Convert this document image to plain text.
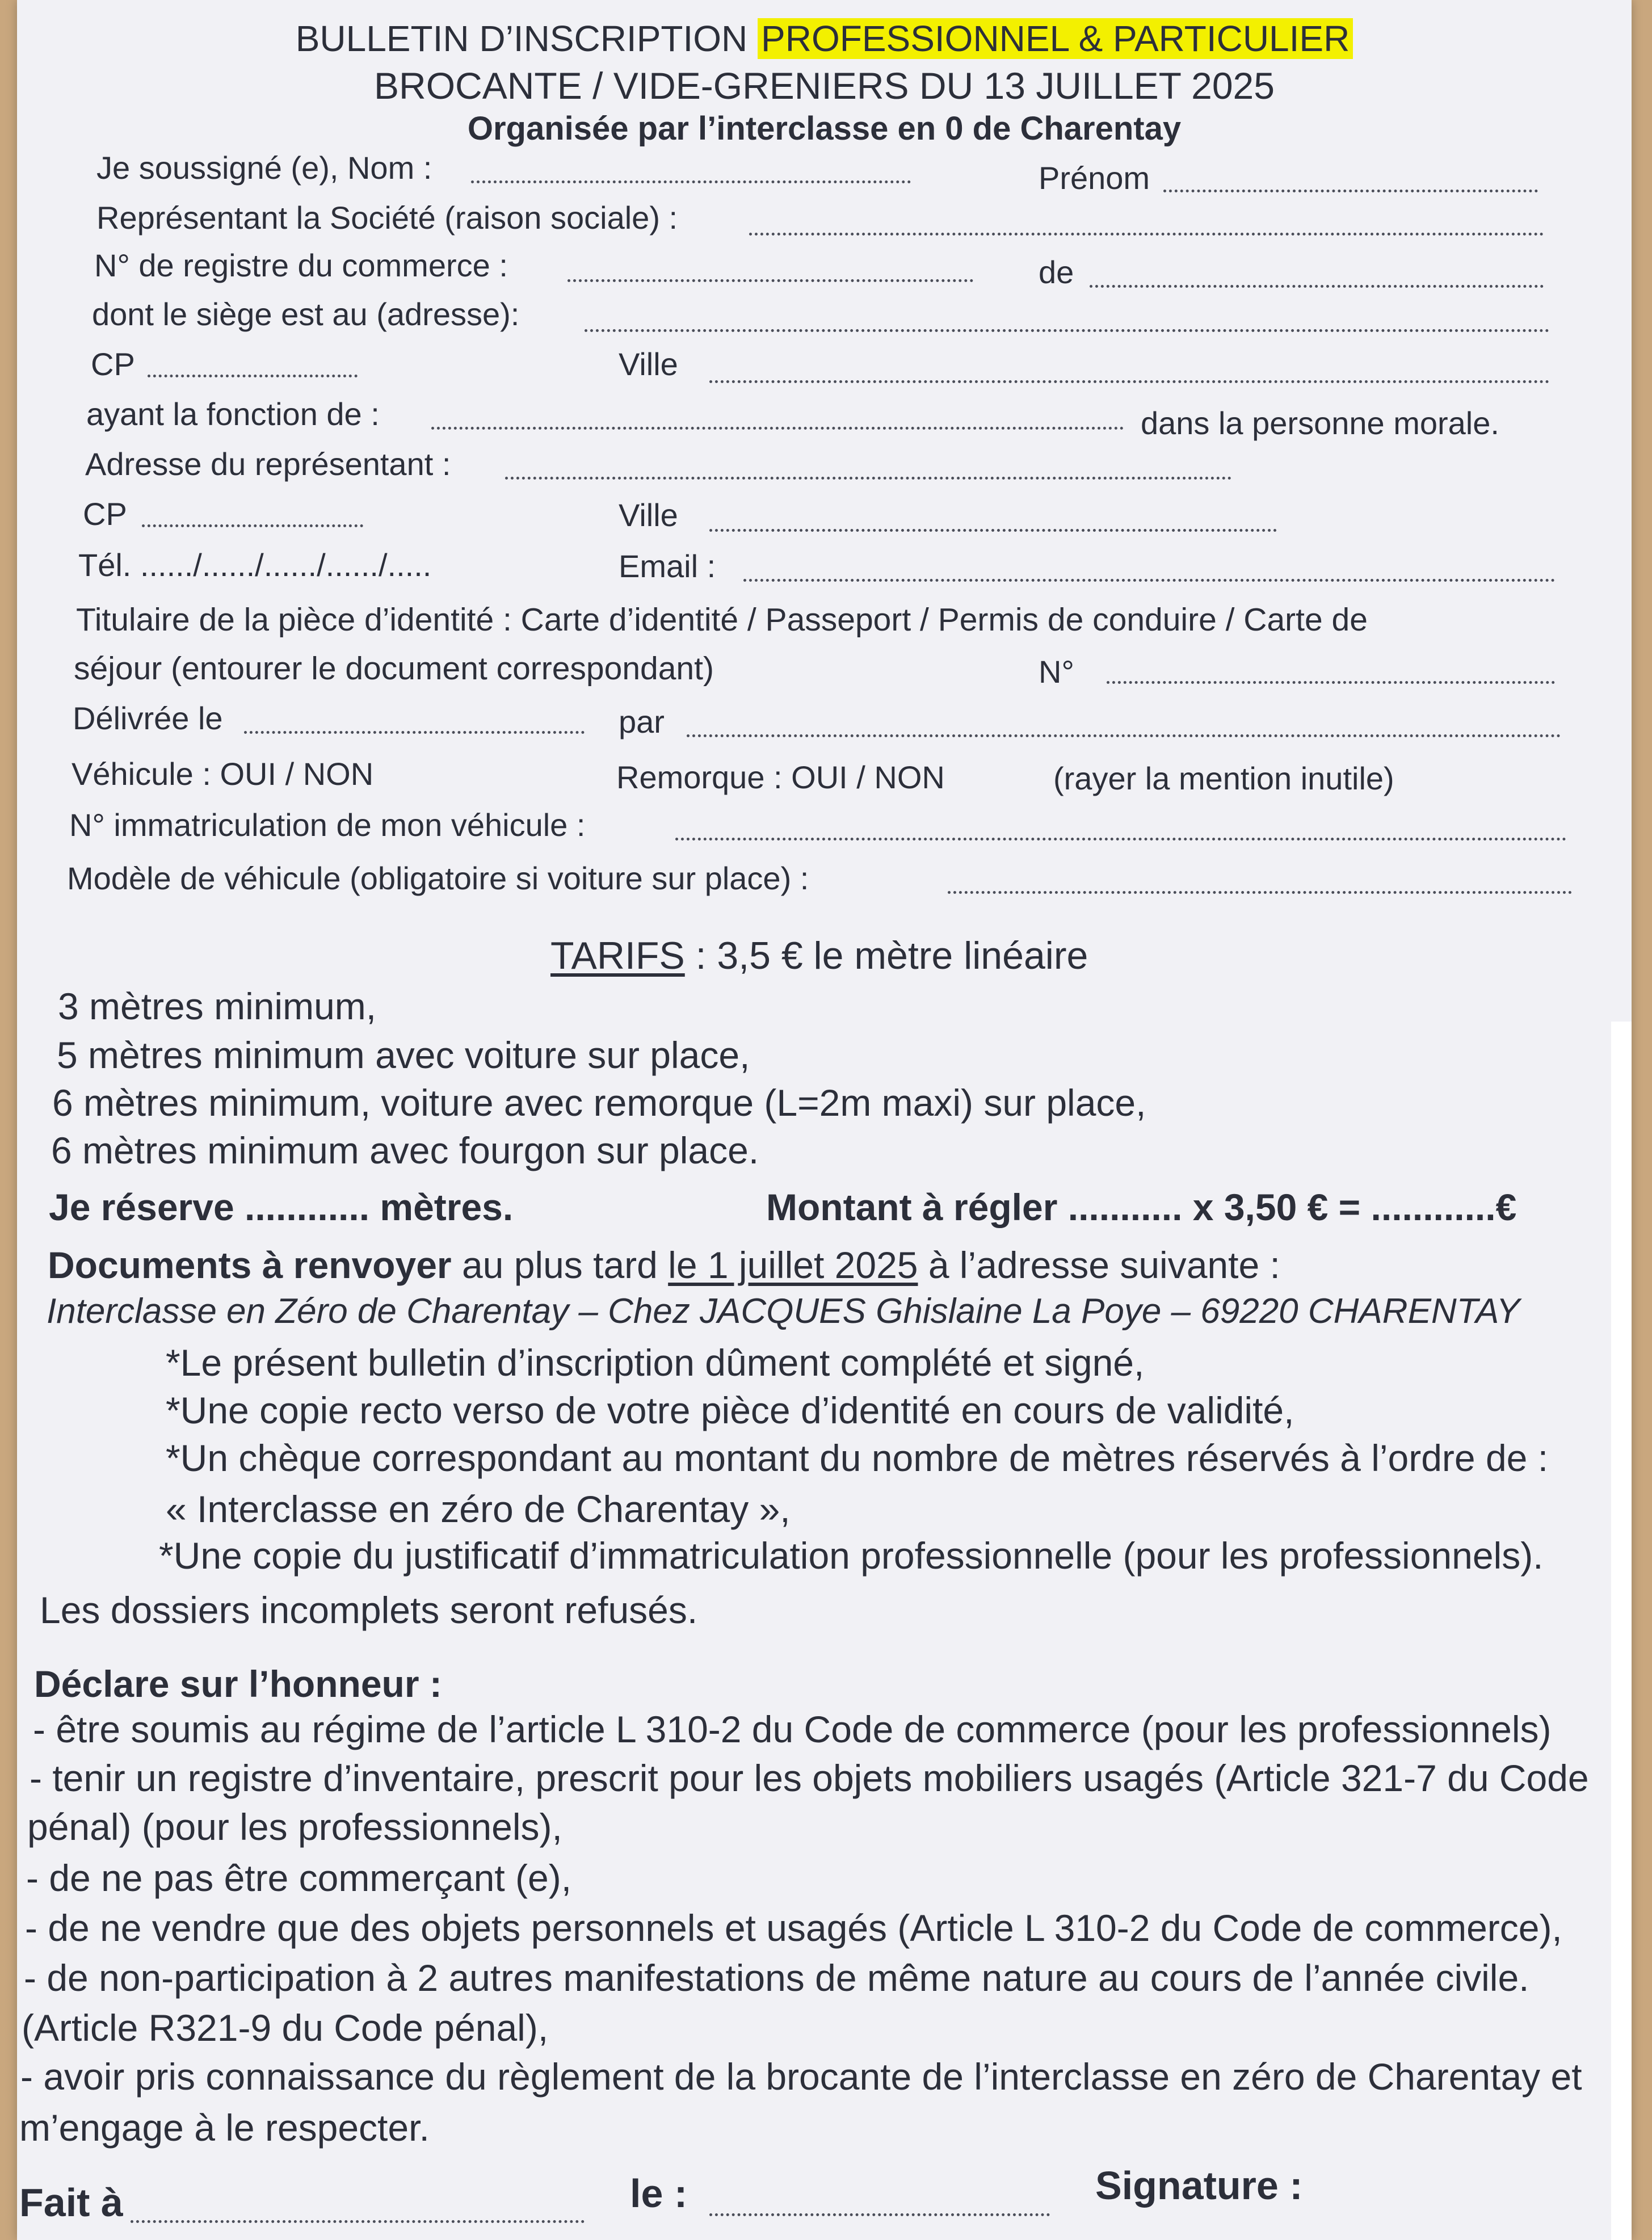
BULLETIN D’INSCRIPTION PROFESSIONNEL & PARTICULIER
BROCANTE / VIDE-GRENIERS DU 13 JUILLET 2025
Organisée par l’interclasse en 0 de Charentay
Je soussigné (e), Nom :	Prénom
Représentant la Société (raison sociale) :
N° de registre du commerce :	de
dont le siège est au (adresse):
CP	Ville
ayant la fonction de :	dans la personne morale.
Adresse du représentant :
CP	Ville
Tél. ....../....../....../....../.....	Email :
Titulaire de la pièce d’identité : Carte d’identité / Passeport / Permis de conduire / Carte de
séjour (entourer le document correspondant)	N°
Délivrée le	par
Véhicule : OUI / NON	Remorque : OUI / NON	(rayer la mention inutile)
N° immatriculation de mon véhicule :
Modèle de véhicule (obligatoire si voiture sur place) :
TARIFS : 3,5 € le mètre linéaire
3 mètres minimum,
5 mètres minimum avec voiture sur place,
6 mètres minimum, voiture avec remorque (L=2m maxi) sur place,
6 mètres minimum avec fourgon sur place.
Je réserve ............ mètres.	Montant à régler ........... x 3,50 € = ............€
Documents à renvoyer au plus tard le 1 juillet 2025 à l’adresse suivante :
Interclasse en Zéro de Charentay – Chez JACQUES Ghislaine La Poye – 69220 CHARENTAY
*Le présent bulletin d’inscription dûment complété et signé,
*Une copie recto verso de votre pièce d’identité en cours de validité,
*Un chèque correspondant au montant du nombre de mètres réservés à l’ordre de :
« Interclasse en zéro de Charentay »,
*Une copie du justificatif d’immatriculation professionnelle (pour les professionnels).
Les dossiers incomplets seront refusés.
Déclare sur l’honneur :
- être soumis au régime de l’article L 310-2 du Code de commerce (pour les professionnels)
- tenir un registre d’inventaire, prescrit pour les objets mobiliers usagés (Article 321-7 du Code
pénal) (pour les professionnels),
- de ne pas être commerçant (e),
- de ne vendre que des objets personnels et usagés (Article L 310-2 du Code de commerce),
- de non-participation à 2 autres manifestations de même nature au cours de l’année civile.
(Article R321-9 du Code pénal),
- avoir pris connaissance du règlement de la brocante de l’interclasse en zéro de Charentay et
m’engage à le respecter.
Fait à	le :	Signature :
